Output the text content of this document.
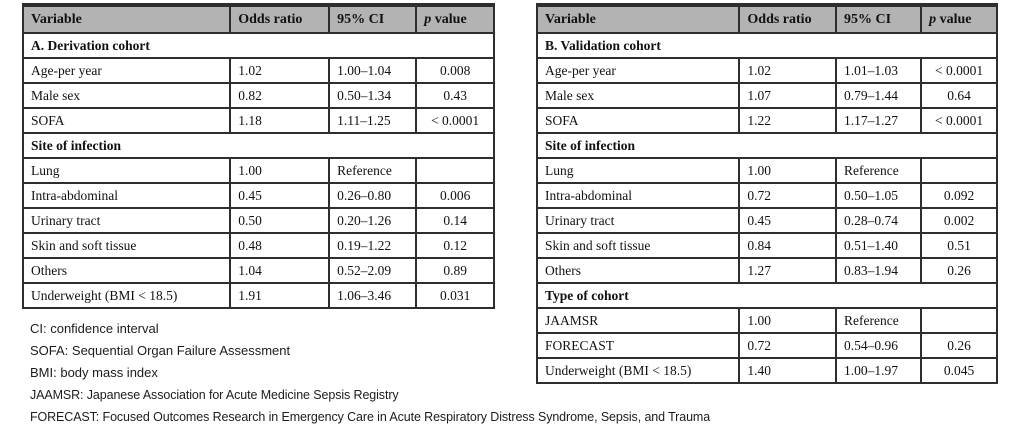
Variable	Odds ratio	95% CI	p value
A. Derivation cohort			
Age-per year	1.02	1.00–1.04	0.008
Male sex	0.82	0.50–1.34	0.43
SOFA	1.18	1.11–1.25	< 0.0001
Site of infection			
Lung	1.00	Reference	
Intra-abdominal	0.45	0.26–0.80	0.006
Urinary tract	0.50	0.20–1.26	0.14
Skin and soft tissue	0.48	0.19–1.22	0.12
Others	1.04	0.52–2.09	0.89
Underweight (BMI < 18.5)	1.91	1.06–3.46	0.031
Variable	Odds ratio	95% CI	p value
B. Validation cohort			
Age-per year	1.02	1.01–1.03	< 0.0001
Male sex	1.07	0.79–1.44	0.64
SOFA	1.22	1.17–1.27	< 0.0001
Site of infection			
Lung	1.00	Reference	
Intra-abdominal	0.72	0.50–1.05	0.092
Urinary tract	0.45	0.28–0.74	0.002
Skin and soft tissue	0.84	0.51–1.40	0.51
Others	1.27	0.83–1.94	0.26
Type of cohort			
JAAMSR	1.00	Reference	
FORECAST	0.72	0.54–0.96	0.26
Underweight (BMI < 18.5)	1.40	1.00–1.97	0.045
CI: confidence interval
SOFA: Sequential Organ Failure Assessment
BMI: body mass index
JAAMSR: Japanese Association for Acute Medicine Sepsis Registry
FORECAST: Focused Outcomes Research in Emergency Care in Acute Respiratory Distress Syndrome, Sepsis, and Trauma
